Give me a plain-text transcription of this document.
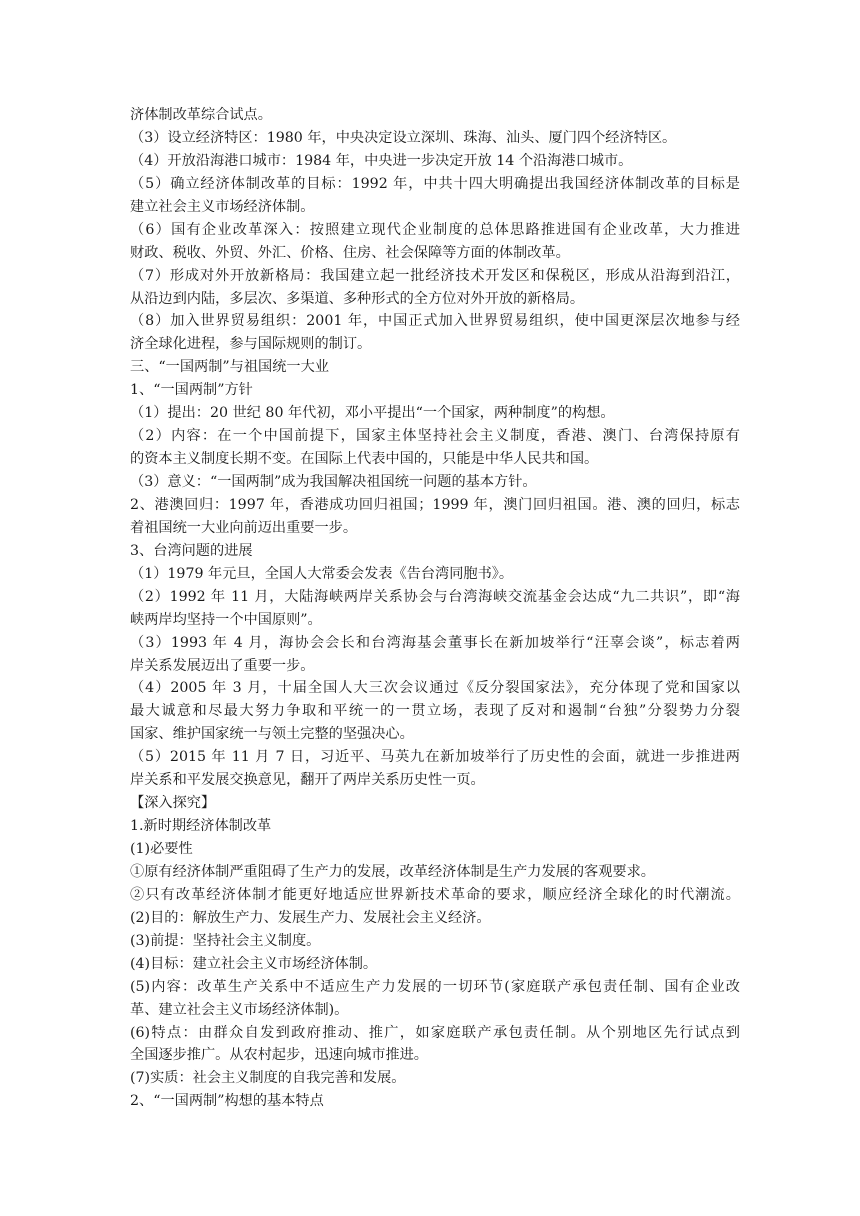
济体制改革综合试点。
（3）设立经济特区：1980 年，中央决定设立深圳、珠海、汕头、厦门四个经济特区。
（4）开放沿海港口城市：1984 年，中央进一步决定开放 14 个沿海港口城市。
（5）确立经济体制改革的目标：1992 年，中共十四大明确提出我国经济体制改革的目标是
建立社会主义市场经济体制。
（6）国有企业改革深入：按照建立现代企业制度的总体思路推进国有企业改革，大力推进
财政、税收、外贸、外汇、价格、住房、社会保障等方面的体制改革。
（7）形成对外开放新格局：我国建立起一批经济技术开发区和保税区，形成从沿海到沿江，
从沿边到内陆，多层次、多渠道、多种形式的全方位对外开放的新格局。
（8）加入世界贸易组织：2001 年，中国正式加入世界贸易组织，使中国更深层次地参与经
济全球化进程，参与国际规则的制订。
三、“一国两制”与祖国统一大业
1、“一国两制”方针
（1）提出：20 世纪 80 年代初，邓小平提出“一个国家，两种制度”的构想。
（2）内容：在一个中国前提下，国家主体坚持社会主义制度，香港、澳门、台湾保持原有
的资本主义制度长期不变。在国际上代表中国的，只能是中华人民共和国。
（3）意义：“一国两制”成为我国解决祖国统一问题的基本方针。
2、港澳回归：1997 年，香港成功回归祖国；1999 年，澳门回归祖国。港、澳的回归，标志
着祖国统一大业向前迈出重要一步。
3、台湾问题的进展
（1）1979 年元旦，全国人大常委会发表《告台湾同胞书》。
（2）1992 年 11 月，大陆海峡两岸关系协会与台湾海峡交流基金会达成“九二共识”，即“海
峡两岸均坚持一个中国原则”。
（3）1993 年 4 月，海协会会长和台湾海基会董事长在新加坡举行“汪辜会谈”，标志着两
岸关系发展迈出了重要一步。
（4）2005 年 3 月，十届全国人大三次会议通过《反分裂国家法》，充分体现了党和国家以
最大诚意和尽最大努力争取和平统一的一贯立场，表现了反对和遏制“台独”分裂势力分裂
国家、维护国家统一与领土完整的坚强决心。
（5）2015 年 11 月 7 日，习近平、马英九在新加坡举行了历史性的会面，就进一步推进两
岸关系和平发展交换意见，翻开了两岸关系历史性一页。
【深入探究】
1.新时期经济体制改革
(1)必要性
①原有经济体制严重阻碍了生产力的发展，改革经济体制是生产力发展的客观要求。
②只有改革经济体制才能更好地适应世界新技术革命的要求，顺应经济全球化的时代潮流。
(2)目的：解放生产力、发展生产力、发展社会主义经济。
(3)前提：坚持社会主义制度。
(4)目标：建立社会主义市场经济体制。
(5)内容：改革生产关系中不适应生产力发展的一切环节(家庭联产承包责任制、国有企业改
革、建立社会主义市场经济体制)。
(6)特点：由群众自发到政府推动、推广，如家庭联产承包责任制。从个别地区先行试点到
全国逐步推广。从农村起步，迅速向城市推进。
(7)实质：社会主义制度的自我完善和发展。
2、“一国两制”构想的基本特点
